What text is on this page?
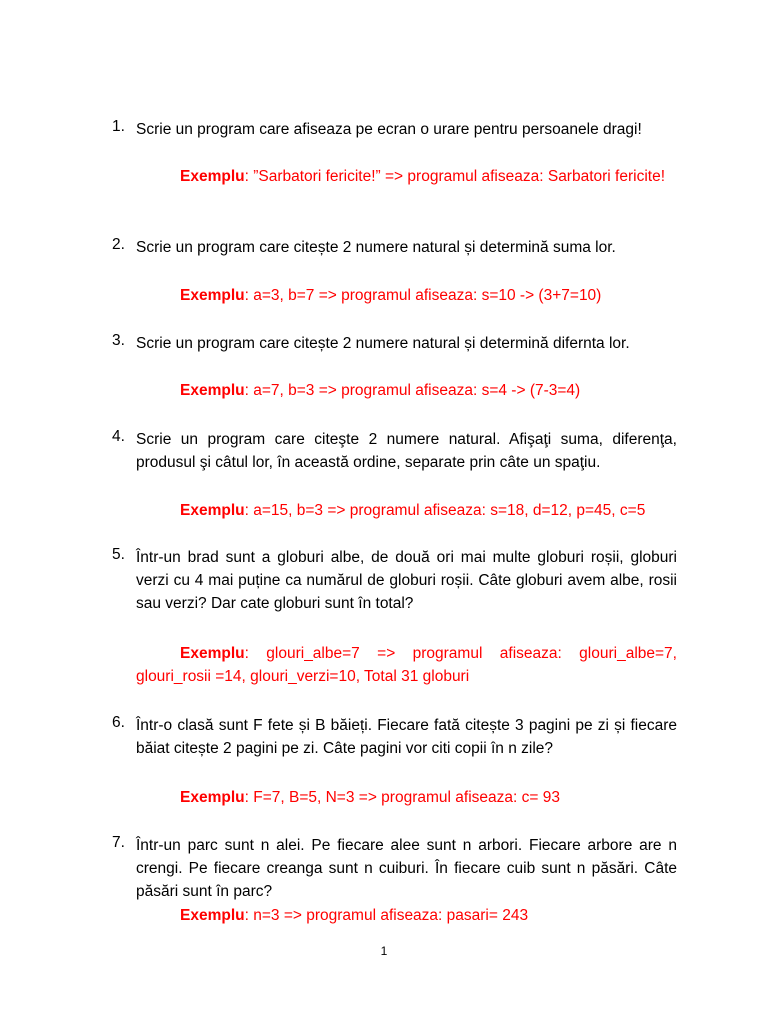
1. Scrie un program care afiseaza pe ecran o urare pentru persoanele dragi!
Exemplu: ”Sarbatori fericite!” => programul afiseaza: Sarbatori fericite!
2. Scrie un program care citește 2 numere natural și determină suma lor.
Exemplu: a=3, b=7 => programul afiseaza: s=10 -> (3+7=10)
3. Scrie un program care citește 2 numere natural și determină difernta lor.
Exemplu: a=7, b=3 => programul afiseaza: s=4 -> (7-3=4)
4. Scrie un program care citeşte 2 numere natural. Afişaţi suma, diferenţa, produsul şi câtul lor, în această ordine, separate prin câte un spaţiu.
Exemplu: a=15, b=3 => programul afiseaza: s=18, d=12, p=45, c=5
5. Într-un brad sunt a globuri albe, de două ori mai multe globuri roșii, globuri verzi cu 4 mai puține ca numărul de globuri roșii. Câte globuri avem albe, rosii sau verzi? Dar cate globuri sunt în total?
Exemplu: glouri_albe=7 => programul afiseaza: glouri_albe=7, glouri_rosii =14, glouri_verzi=10, Total 31 globuri
6. Într-o clasă sunt F fete și B băieți. Fiecare fată citește 3 pagini pe zi și fiecare băiat citește 2 pagini pe zi. Câte pagini vor citi copii în n zile?
Exemplu: F=7, B=5, N=3 => programul afiseaza: c= 93
7. Într-un parc sunt n alei. Pe fiecare alee sunt n arbori. Fiecare arbore are n crengi. Pe fiecare creanga sunt n cuiburi. În fiecare cuib sunt n păsări. Câte păsări sunt în parc?
Exemplu: n=3 => programul afiseaza: pasari= 243
1
